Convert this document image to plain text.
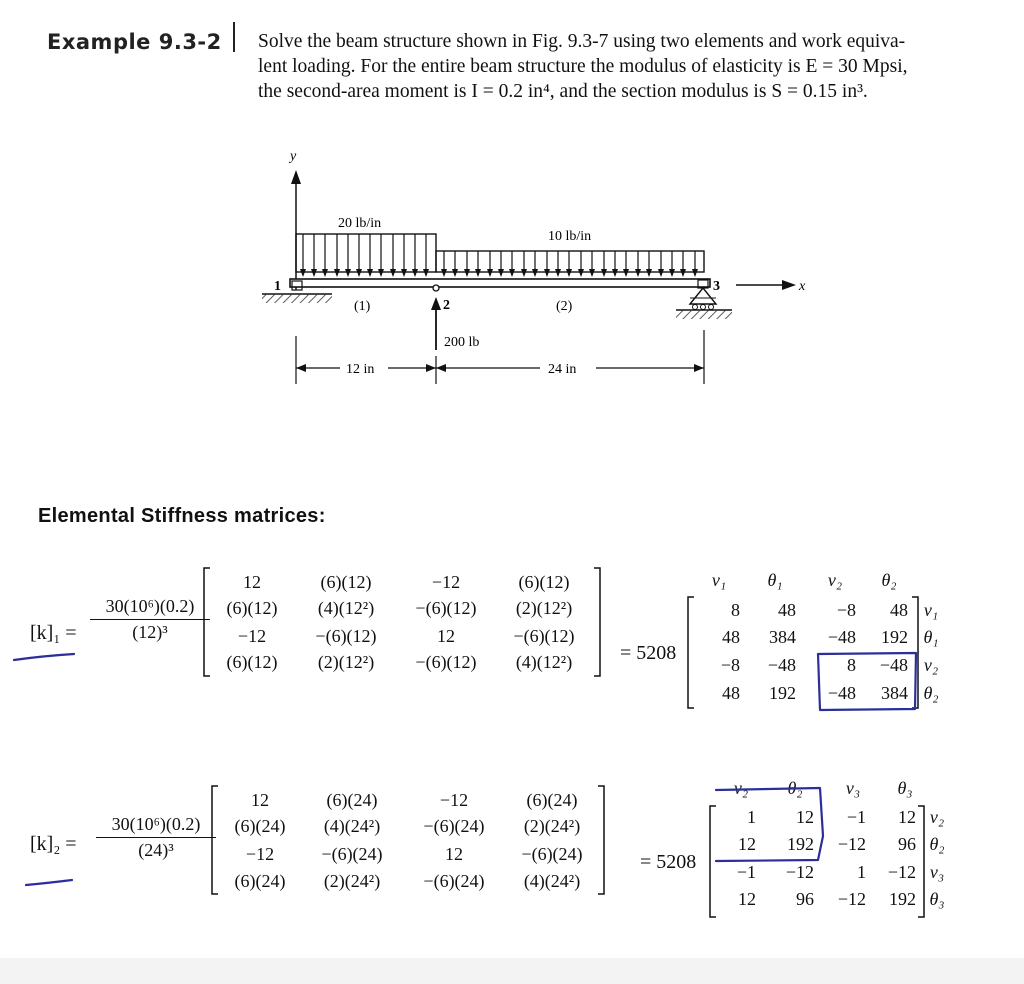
Example 9.3-2 Solve the beam structure shown in Fig. 9.3-7 using two elements and work equiva-
lent loading. For the entire beam structure the modulus of elasticity is E = 30 Mpsi,
the second-area moment is I = 0.2 in⁴, and the section modulus is S = 0.15 in³.
y
20 lb/in
10 lb/in
1
2
(1)	(2)
200 lb
3	x
12 in	24 in
Elemental Stiffness matrices:
$[k]_1 = \frac{\text{30(10⁶)(0.2)}}{\text{(12)³}}$
12	(6)(12)	−12	(6)(12)
(6)(12)	(4)(12²)	−(6)(12)	(2)(12²)
−12	−(6)(12)	12	−(6)(12)
(6)(12)	(2)(12²)	−(6)(12)	(4)(12²)	= 5208
8	48	−8	48
48	384	−48	192
−8	−48	8	−48
48	192	−48	384
v₁	θ₁	v₂	θ₂
v₁
θ₁
v₂
θ₂
$[k]_2 = \frac{\text{30(10⁶)(0.2)}}{\text{(24)³}}$
12	(6)(24)	−12	(6)(24)
(6)(24)	(4)(24²)	−(6)(24)	(2)(24²)
−12	−(6)(24)	12	−(6)(24)
(6)(24)	(2)(24²)	−(6)(24)	(4)(24²)
= 5208
1	12	−1	12
12	192	−12	96
−1	−12	1	−12
12	96	−12	192
v₂	θ₂	v₃	θ₃
v₂
θ₂
v₃
θ₃
